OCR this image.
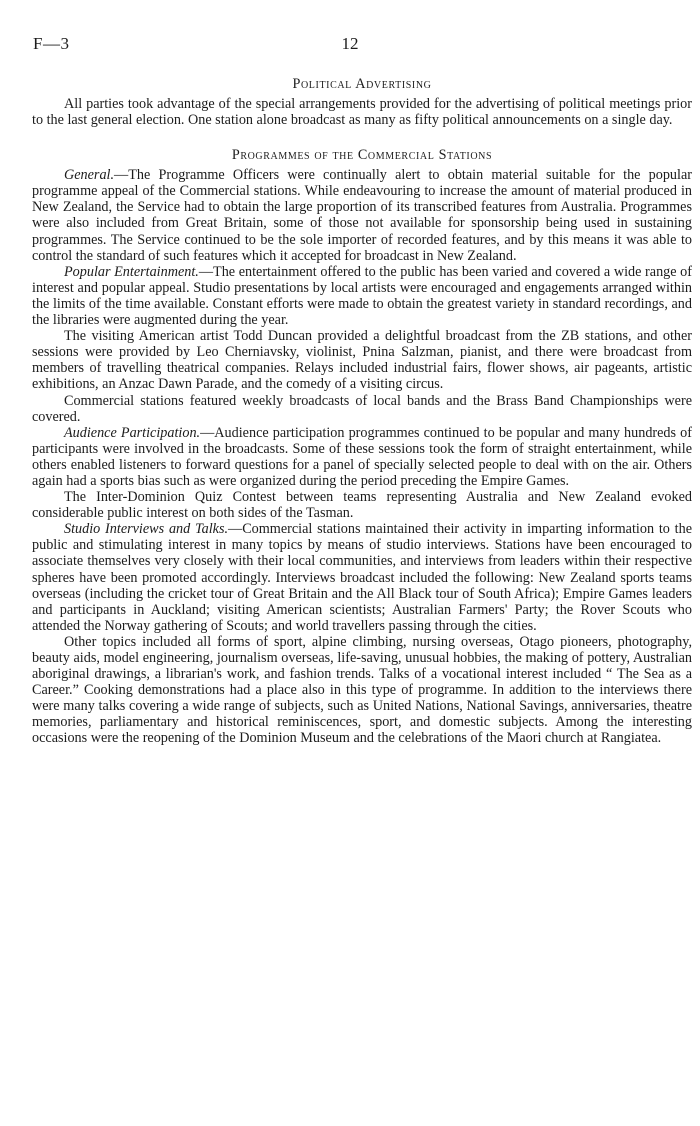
F—3	12
Political Advertising

All parties took advantage of the special arrangements provided for the advertising of political meetings prior to the last general election. One station alone broadcast as many as fifty political announcements on a single day.

Programmes of the Commercial Stations

General.—The Programme Officers were continually alert to obtain material suitable for the popular programme appeal of the Commercial stations. While endeavouring to increase the amount of material produced in New Zealand, the Service had to obtain the large proportion of its transcribed features from Australia. Programmes were also included from Great Britain, some of those not available for sponsorship being used in sustaining programmes. The Service continued to be the sole importer of recorded features, and by this means it was able to control the standard of such features which it accepted for broadcast in New Zealand.

Popular Entertainment.—The entertainment offered to the public has been varied and covered a wide range of interest and popular appeal. Studio presentations by local artists were encouraged and engagements arranged within the limits of the time available. Constant efforts were made to obtain the greatest variety in standard recordings, and the libraries were augmented during the year.

The visiting American artist Todd Duncan provided a delightful broadcast from the ZB stations, and other sessions were provided by Leo Cherniavsky, violinist, Pnina Salzman, pianist, and there were broadcast from members of travelling theatrical companies. Relays included industrial fairs, flower shows, air pageants, artistic exhibitions, an Anzac Dawn Parade, and the comedy of a visiting circus.

Commercial stations featured weekly broadcasts of local bands and the Brass Band Championships were covered.

Audience Participation.—Audience participation programmes continued to be popular and many hundreds of participants were involved in the broadcasts. Some of these sessions took the form of straight entertainment, while others enabled listeners to forward questions for a panel of specially selected people to deal with on the air. Others again had a sports bias such as were organized during the period preceding the Empire Games.

The Inter-Dominion Quiz Contest between teams representing Australia and New Zealand evoked considerable public interest on both sides of the Tasman.

Studio Interviews and Talks.—Commercial stations maintained their activity in imparting information to the public and stimulating interest in many topics by means of studio interviews. Stations have been encouraged to associate themselves very closely with their local communities, and interviews from leaders within their respective spheres have been promoted accordingly. Interviews broadcast included the following: New Zealand sports teams overseas (including the cricket tour of Great Britain and the All Black tour of South Africa); Empire Games leaders and participants in Auckland; visiting American scientists; Australian Farmers' Party; the Rover Scouts who attended the Norway gathering of Scouts; and world travellers passing through the cities.

Other topics included all forms of sport, alpine climbing, nursing overseas, Otago pioneers, photography, beauty aids, model engineering, journalism overseas, life-saving, unusual hobbies, the making of pottery, Australian aboriginal drawings, a librarian's work, and fashion trends. Talks of a vocational interest included “ The Sea as a Career.” Cooking demonstrations had a place also in this type of programme. In addition to the interviews there were many talks covering a wide range of subjects, such as United Nations, National Savings, anniversaries, theatre memories, parliamentary and historical reminiscences, sport, and domestic subjects. Among the interesting occasions were the reopening of the Dominion Museum and the celebrations of the Maori church at Rangiatea.
